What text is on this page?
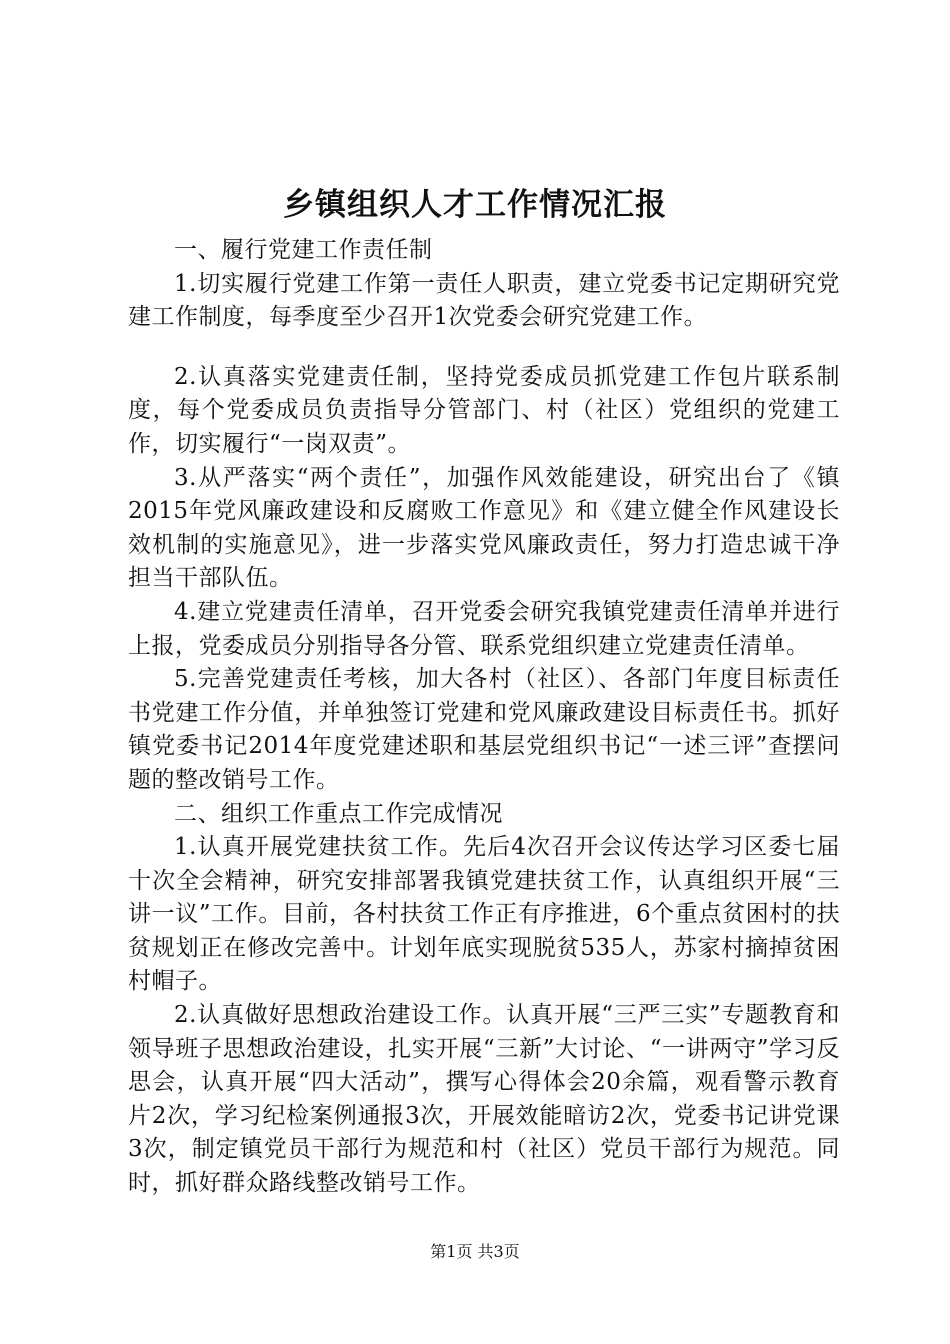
乡镇组织人才工作情况汇报

一、履行党建工作责任制

1.切实履行党建工作第一责任人职责，建立党委书记定期研究党建工作制度，每季度至少召开1次党委会研究党建工作。

2.认真落实党建责任制，坚持党委成员抓党建工作包片联系制度，每个党委成员负责指导分管部门、村（社区）党组织的党建工作，切实履行“一岗双责”。

3.从严落实“两个责任”，加强作风效能建设，研究出台了《镇2015年党风廉政建设和反腐败工作意见》和《建立健全作风建设长效机制的实施意见》，进一步落实党风廉政责任，努力打造忠诚干净担当干部队伍。

4.建立党建责任清单，召开党委会研究我镇党建责任清单并进行上报，党委成员分别指导各分管、联系党组织建立党建责任清单。

5.完善党建责任考核，加大各村（社区）、各部门年度目标责任书党建工作分值，并单独签订党建和党风廉政建设目标责任书。抓好镇党委书记2014年度党建述职和基层党组织书记“一述三评”查摆问题的整改销号工作。

二、组织工作重点工作完成情况

1.认真开展党建扶贫工作。先后4次召开会议传达学习区委七届十次全会精神，研究安排部署我镇党建扶贫工作，认真组织开展“三讲一议”工作。目前，各村扶贫工作正有序推进，6个重点贫困村的扶贫规划正在修改完善中。计划年底实现脱贫535人，苏家村摘掉贫困村帽子。

2.认真做好思想政治建设工作。认真开展“三严三实”专题教育和领导班子思想政治建设，扎实开展“三新”大讨论、“一讲两守”学习反思会，认真开展“四大活动”，撰写心得体会20余篇，观看警示教育片2次，学习纪检案例通报3次，开展效能暗访2次，党委书记讲党课3次，制定镇党员干部行为规范和村（社区）党员干部行为规范。同时，抓好群众路线整改销号工作。

第1页 共3页
